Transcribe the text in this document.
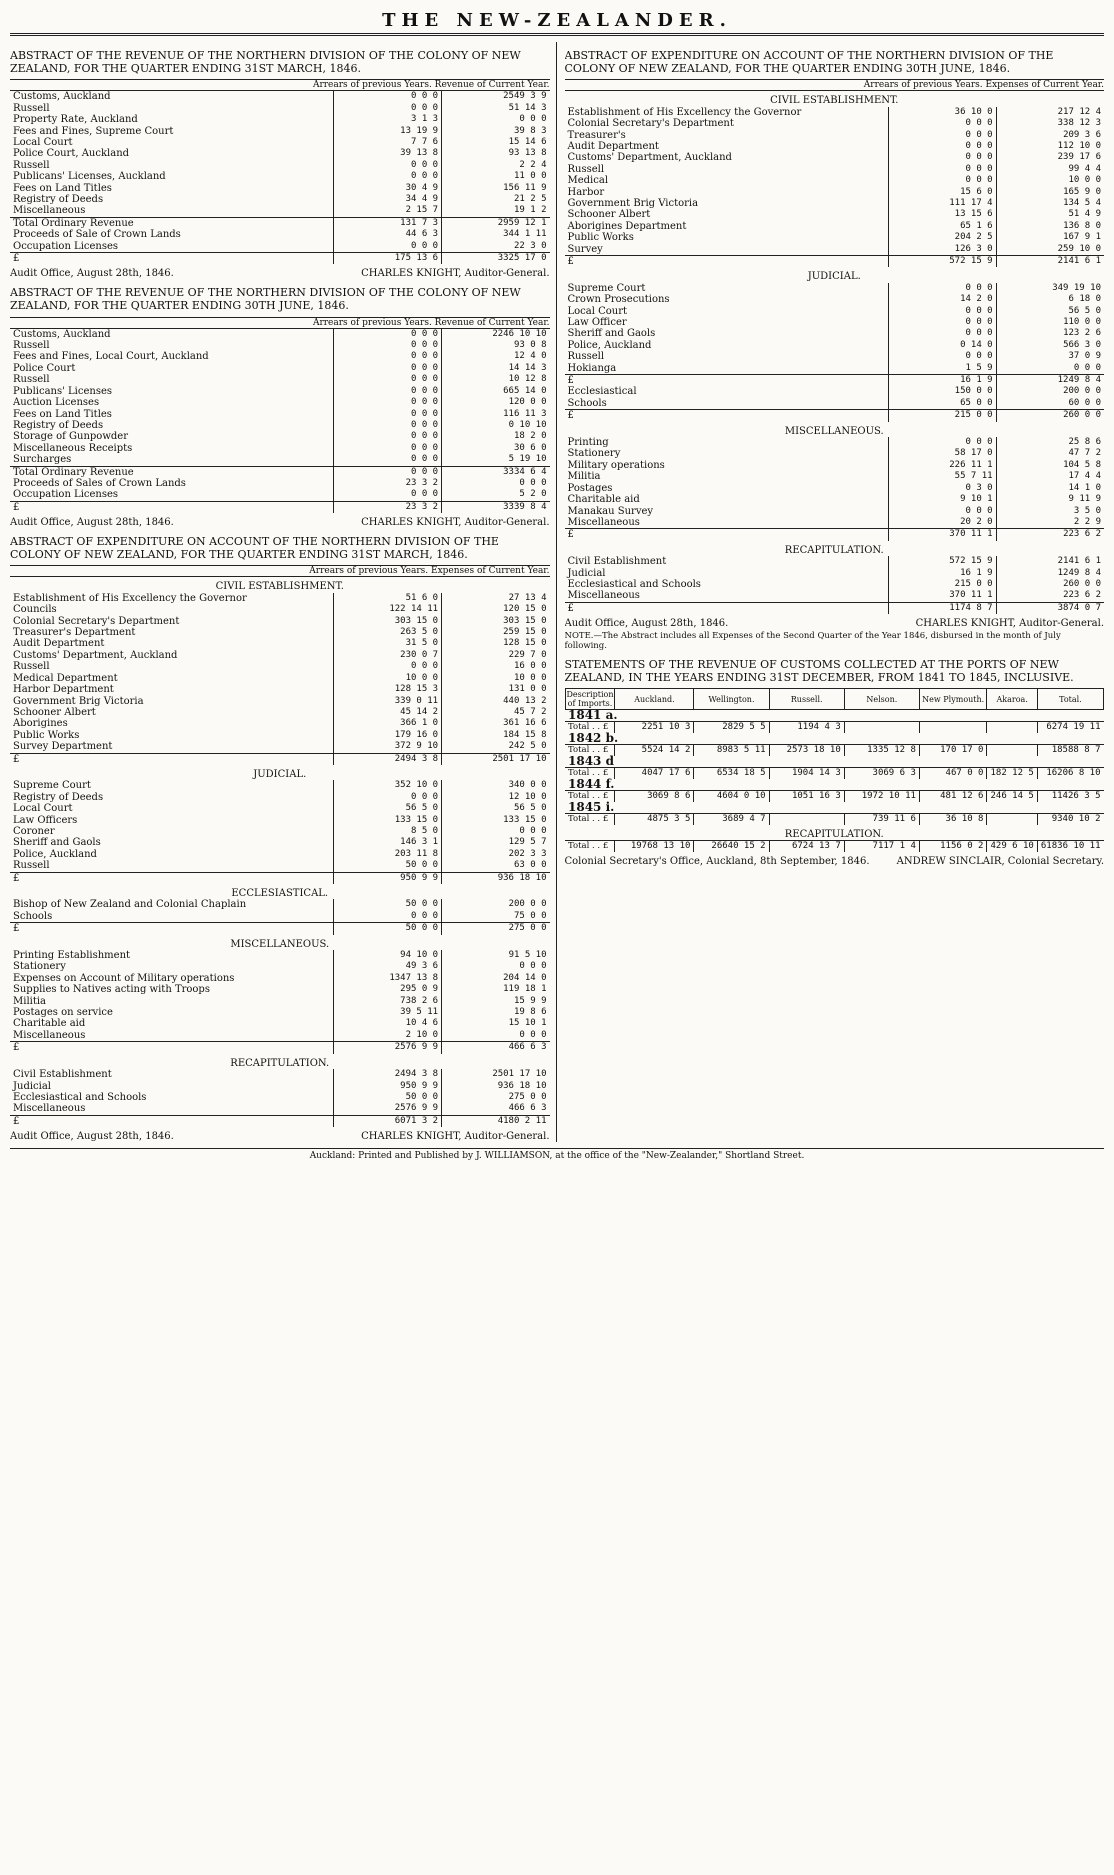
THE NEW-ZEALANDER.
ABSTRACT OF THE REVENUE OF THE NORTHERN DIVISION OF THE COLONY OF NEW ZEALAND, FOR THE QUARTER ENDING 31ST MARCH, 1846.
Arrears of previous Years. Revenue of Current Year.
Customs, Auckland	0 0 0	2549 3 9
Russell	0 0 0	51 14 3
Property Rate, Auckland	3 1 3	0 0 0
Fees and Fines, Supreme Court	13 19 9	39 8 3
Local Court	7 7 6	15 14 6
Police Court, Auckland	39 13 8	93 13 8
Russell	0 0 0	2 2 4
Publicans' Licenses, Auckland	0 0 0	11 0 0
Fees on Land Titles	30 4 9	156 11 9
Registry of Deeds	34 4 9	21 2 5
Miscellaneous	2 15 7	19 1 2
Total Ordinary Revenue	131 7 3	2959 12 1
Proceeds of Sale of Crown Lands	44 6 3	344 1 11
Occupation Licenses	0 0 0	22 3 0
£	175 13 6	3325 17 0
Audit Office, August 28th, 1846.	CHARLES KNIGHT, Auditor-General.
ABSTRACT OF THE REVENUE OF THE NORTHERN DIVISION OF THE COLONY OF NEW ZEALAND, FOR THE QUARTER ENDING 30TH JUNE, 1846.
Arrears of previous Years. Revenue of Current Year.
Customs, Auckland	0 0 0	2246 10 10
Russell	0 0 0	93 0 8
Fees and Fines, Local Court, Auckland	0 0 0	12 4 0
Police Court	0 0 0	14 14 3
Russell	0 0 0	10 12 8
Publicans' Licenses	0 0 0	665 14 0
Auction Licenses	0 0 0	120 0 0
Fees on Land Titles	0 0 0	116 11 3
Registry of Deeds	0 0 0	0 10 10
Storage of Gunpowder	0 0 0	18 2 0
Miscellaneous Receipts	0 0 0	30 6 0
Surcharges	0 0 0	5 19 10
Total Ordinary Revenue	0 0 0	3334 6 4
Proceeds of Sales of Crown Lands	23 3 2	0 0 0
Occupation Licenses	0 0 0	5 2 0
£	23 3 2	3339 8 4
Audit Office, August 28th, 1846.	CHARLES KNIGHT, Auditor-General.
ABSTRACT OF EXPENDITURE ON ACCOUNT OF THE NORTHERN DIVISION OF THE COLONY OF NEW ZEALAND, FOR THE QUARTER ENDING 31ST MARCH, 1846.
Arrears of previous Years. Expenses of Current Year.
CIVIL ESTABLISHMENT.		
Establishment of His Excellency the Governor	51 6 0	27 13 4
Councils	122 14 11	120 15 0
Colonial Secretary's Department	303 15 0	303 15 0
Treasurer's Department	263 5 0	259 15 0
Audit Department	31 5 0	128 15 0
Customs' Department, Auckland	230 0 7	229 7 0
Russell	0 0 0	16 0 0
Medical Department	10 0 0	10 0 0
Harbor Department	128 15 3	131 0 0
Government Brig Victoria	339 0 11	440 13 2
Schooner Albert	45 14 2	45 7 2
Aborigines	366 1 0	361 16 6
Public Works	179 16 0	184 15 8
Survey Department	372 9 10	242 5 0
£	2494 3 8	2501 17 10
JUDICIAL.		
Supreme Court	352 10 0	340 0 0
Registry of Deeds	0 0 0	12 10 0
Local Court	56 5 0	56 5 0
Law Officers	133 15 0	133 15 0
Coroner	8 5 0	0 0 0
Sheriff and Gaols	146 3 1	129 5 7
Police, Auckland	203 11 8	202 3 3
Russell	50 0 0	63 0 0
£	950 9 9	936 18 10
ECCLESIASTICAL.		
Bishop of New Zealand and Colonial Chaplain	50 0 0	200 0 0
Schools	0 0 0	75 0 0
£	50 0 0	275 0 0
MISCELLANEOUS.		
Printing Establishment	94 10 0	91 5 10
Stationery	49 3 6	0 0 0
Expenses on Account of Military operations	1347 13 8	204 14 0
Supplies to Natives acting with Troops	295 0 9	119 18 1
Militia	738 2 6	15 9 9
Postages on service	39 5 11	19 8 6
Charitable aid	10 4 6	15 10 1
Miscellaneous	2 10 0	0 0 0
£	2576 9 9	466 6 3
RECAPITULATION.		
Civil Establishment	2494 3 8	2501 17 10
Judicial	950 9 9	936 18 10
Ecclesiastical and Schools	50 0 0	275 0 0
Miscellaneous	2576 9 9	466 6 3
£	6071 3 2	4180 2 11
Audit Office, August 28th, 1846.	CHARLES KNIGHT, Auditor-General.
ABSTRACT OF EXPENDITURE ON ACCOUNT OF THE NORTHERN DIVISION OF THE COLONY OF NEW ZEALAND, FOR THE QUARTER ENDING 30TH JUNE, 1846.
Arrears of previous Years. Expenses of Current Year.
CIVIL ESTABLISHMENT.		
Establishment of His Excellency the Governor	36 10 0	217 12 4
Colonial Secretary's Department	0 0 0	338 12 3
Treasurer's	0 0 0	209 3 6
Audit Department	0 0 0	112 10 0
Customs' Department, Auckland	0 0 0	239 17 6
Russell	0 0 0	99 4 4
Medical	0 0 0	10 0 0
Harbor	15 6 0	165 9 0
Government Brig Victoria	111 17 4	134 5 4
Schooner Albert	13 15 6	51 4 9
Aborigines Department	65 1 6	136 8 0
Public Works	204 2 5	167 9 1
Survey	126 3 0	259 10 0
£	572 15 9	2141 6 1
JUDICIAL.		
Supreme Court	0 0 0	349 19 10
Crown Prosecutions	14 2 0	6 18 0
Local Court	0 0 0	56 5 0
Law Officer	0 0 0	110 0 0
Sheriff and Gaols	0 0 0	123 2 6
Police, Auckland	0 14 0	566 3 0
Russell	0 0 0	37 0 9
Hokianga	1 5 9	0 0 0
£	16 1 9	1249 8 4
Ecclesiastical	150 0 0	200 0 0
Schools	65 0 0	60 0 0
£	215 0 0	260 0 0
MISCELLANEOUS.		
Printing	0 0 0	25 8 6
Stationery	58 17 0	47 7 2
Military operations	226 11 1	104 5 8
Militia	55 7 11	17 4 4
Postages	0 3 0	14 1 0
Charitable aid	9 10 1	9 11 9
Manakau Survey	0 0 0	3 5 0
Miscellaneous	20 2 0	2 2 9
£	370 11 1	223 6 2
RECAPITULATION.		
Civil Establishment	572 15 9	2141 6 1
Judicial	16 1 9	1249 8 4
Ecclesiastical and Schools	215 0 0	260 0 0
Miscellaneous	370 11 1	223 6 2
£	1174 8 7	3874 0 7
Audit Office, August 28th, 1846.	CHARLES KNIGHT, Auditor-General.
NOTE.—The Abstract includes all Expenses of the Second Quarter of the Year 1846, disbursed in the month of July following.
STATEMENTS OF THE REVENUE OF CUSTOMS COLLECTED AT THE PORTS OF NEW ZEALAND, IN THE YEARS ENDING 31ST DECEMBER, FROM 1841 TO 1845, INCLUSIVE.
Description of Imports.	Auckland.	Wellington.	Russell.	Nelson.	New Plymouth.	Akaroa.	Total.
1841 a.							
Total . . £	2251 10 3	2829 5 5	1194 4 3				6274 19 11
1842 b.							
Total . . £	5524 14 2	8983 5 11	2573 18 10	1335 12 8	170 17 0		18588 8 7
1843 d							
Total . . £	4047 17 6	6534 18 5	1904 14 3	3069 6 3	467 0 0	182 12 5	16206 8 10
1844 f.							
Total . . £	3069 8 6	4604 0 10	1051 16 3	1972 10 11	481 12 6	246 14 5	11426 3 5
1845 i.							
Total . . £	4875 3 5	3689 4 7		739 11 6	36 10 8		9340 10 2
RECAPITULATION.							
Total . . £	19768 13 10	26640 15 2	6724 13 7	7117 1 4	1156 0 2	429 6 10	61836 10 11
Colonial Secretary's Office, Auckland, 8th September, 1846.	ANDREW SINCLAIR, Colonial Secretary.
Auckland: Printed and Published by J. WILLIAMSON, at the office of the "New-Zealander," Shortland Street.
